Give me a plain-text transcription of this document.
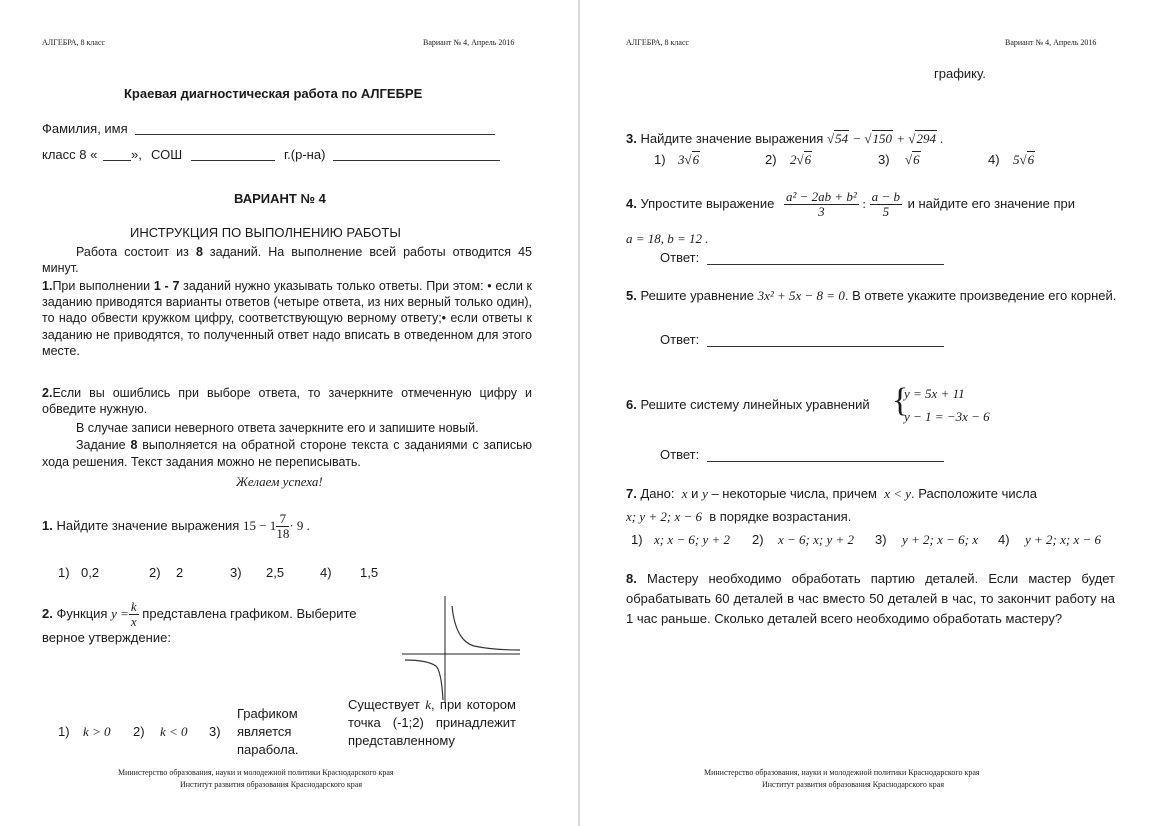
АЛГЕБРА, 8 класс	Вариант № 4, Апрель 2016
Краевая диагностическая работа по АЛГЕБРЕ
Фамилия, имя
класс 8 «	», СОШ	г.(р-на)
ВАРИАНТ № 4
ИНСТРУКЦИЯ ПО ВЫПОЛНЕНИЮ РАБОТЫ
Работа состоит из 8 заданий. На выполнение всей работы отводится 45 минут.
1.При выполнении 1 - 7 заданий нужно указывать только ответы. При этом: • если к заданию приводятся варианты ответов (четыре ответа, из них верный только один), то надо обвести кружком цифру, соответствующую верному ответу;• если ответы к заданию не приводятся, то полученный ответ надо вписать в отведенном для этого месте.
2.Если вы ошиблись при выборе ответа, то зачеркните отмеченную цифру и обведите нужную.
В случае записи неверного ответа зачеркните его и запишите новый.
Задание 8 выполняется на обратной стороне текста с заданиями с записью хода решения. Текст задания можно не переписывать.
Желаем успеха!
1. Найдите значение выражения $15 - 1 \frac{7}{18} \cdot 9$ .
1) 0,2	2) 2	3) 2,5	4) 1,5
2. Функция $y = \frac{k}{x}$ представлена графиком. Выберите
верное утверждение:
1) k > 0 2) k < 0 3)
Графиком является парабола.
Существует k, при котором точка (-1;2) принадлежит представленному
Министерство образования, науки и молодежной политики Краснодарского края
Институт развития образования Краснодарского края
АЛГЕБРА, 8 класс	Вариант № 4, Апрель 2016
графику.
3. Найдите значение выражения √54 − √150 + √294 .
1) 3√6	2) 2√6	3) √6	4) 5√6
4. Упростите выражение $\frac{\text{a² − 2ab + b²}}{3}$ : $\frac{a - b}{5}$ и найдите его значение при
a = 18, b = 12 .
Ответ:
5. Решите уравнение 3x² + 5x − 8 = 0. В ответе укажите произведение его корней.
Ответ:
6. Решите систему линейных уравнений {
y = 5x + 11
y − 1 = −3x − 6
Ответ:
7. Дано: x и y – некоторые числа, причем x < y. Расположите числа
x; y + 2; x − 6 в порядке возрастания.
1) x; x − 6; y + 2 2) x − 6; x; y + 2 3) y + 2; x − 6; x 4) y + 2; x; x − 6
8. Мастеру необходимо обработать партию деталей. Если мастер будет обрабатывать 60 деталей в час вместо 50 деталей в час, то закончит работу на 1 час раньше. Сколько деталей всего необходимо обработать мастеру?
Министерство образования, науки и молодежной политики Краснодарского края
Институт развития образования Краснодарского края
